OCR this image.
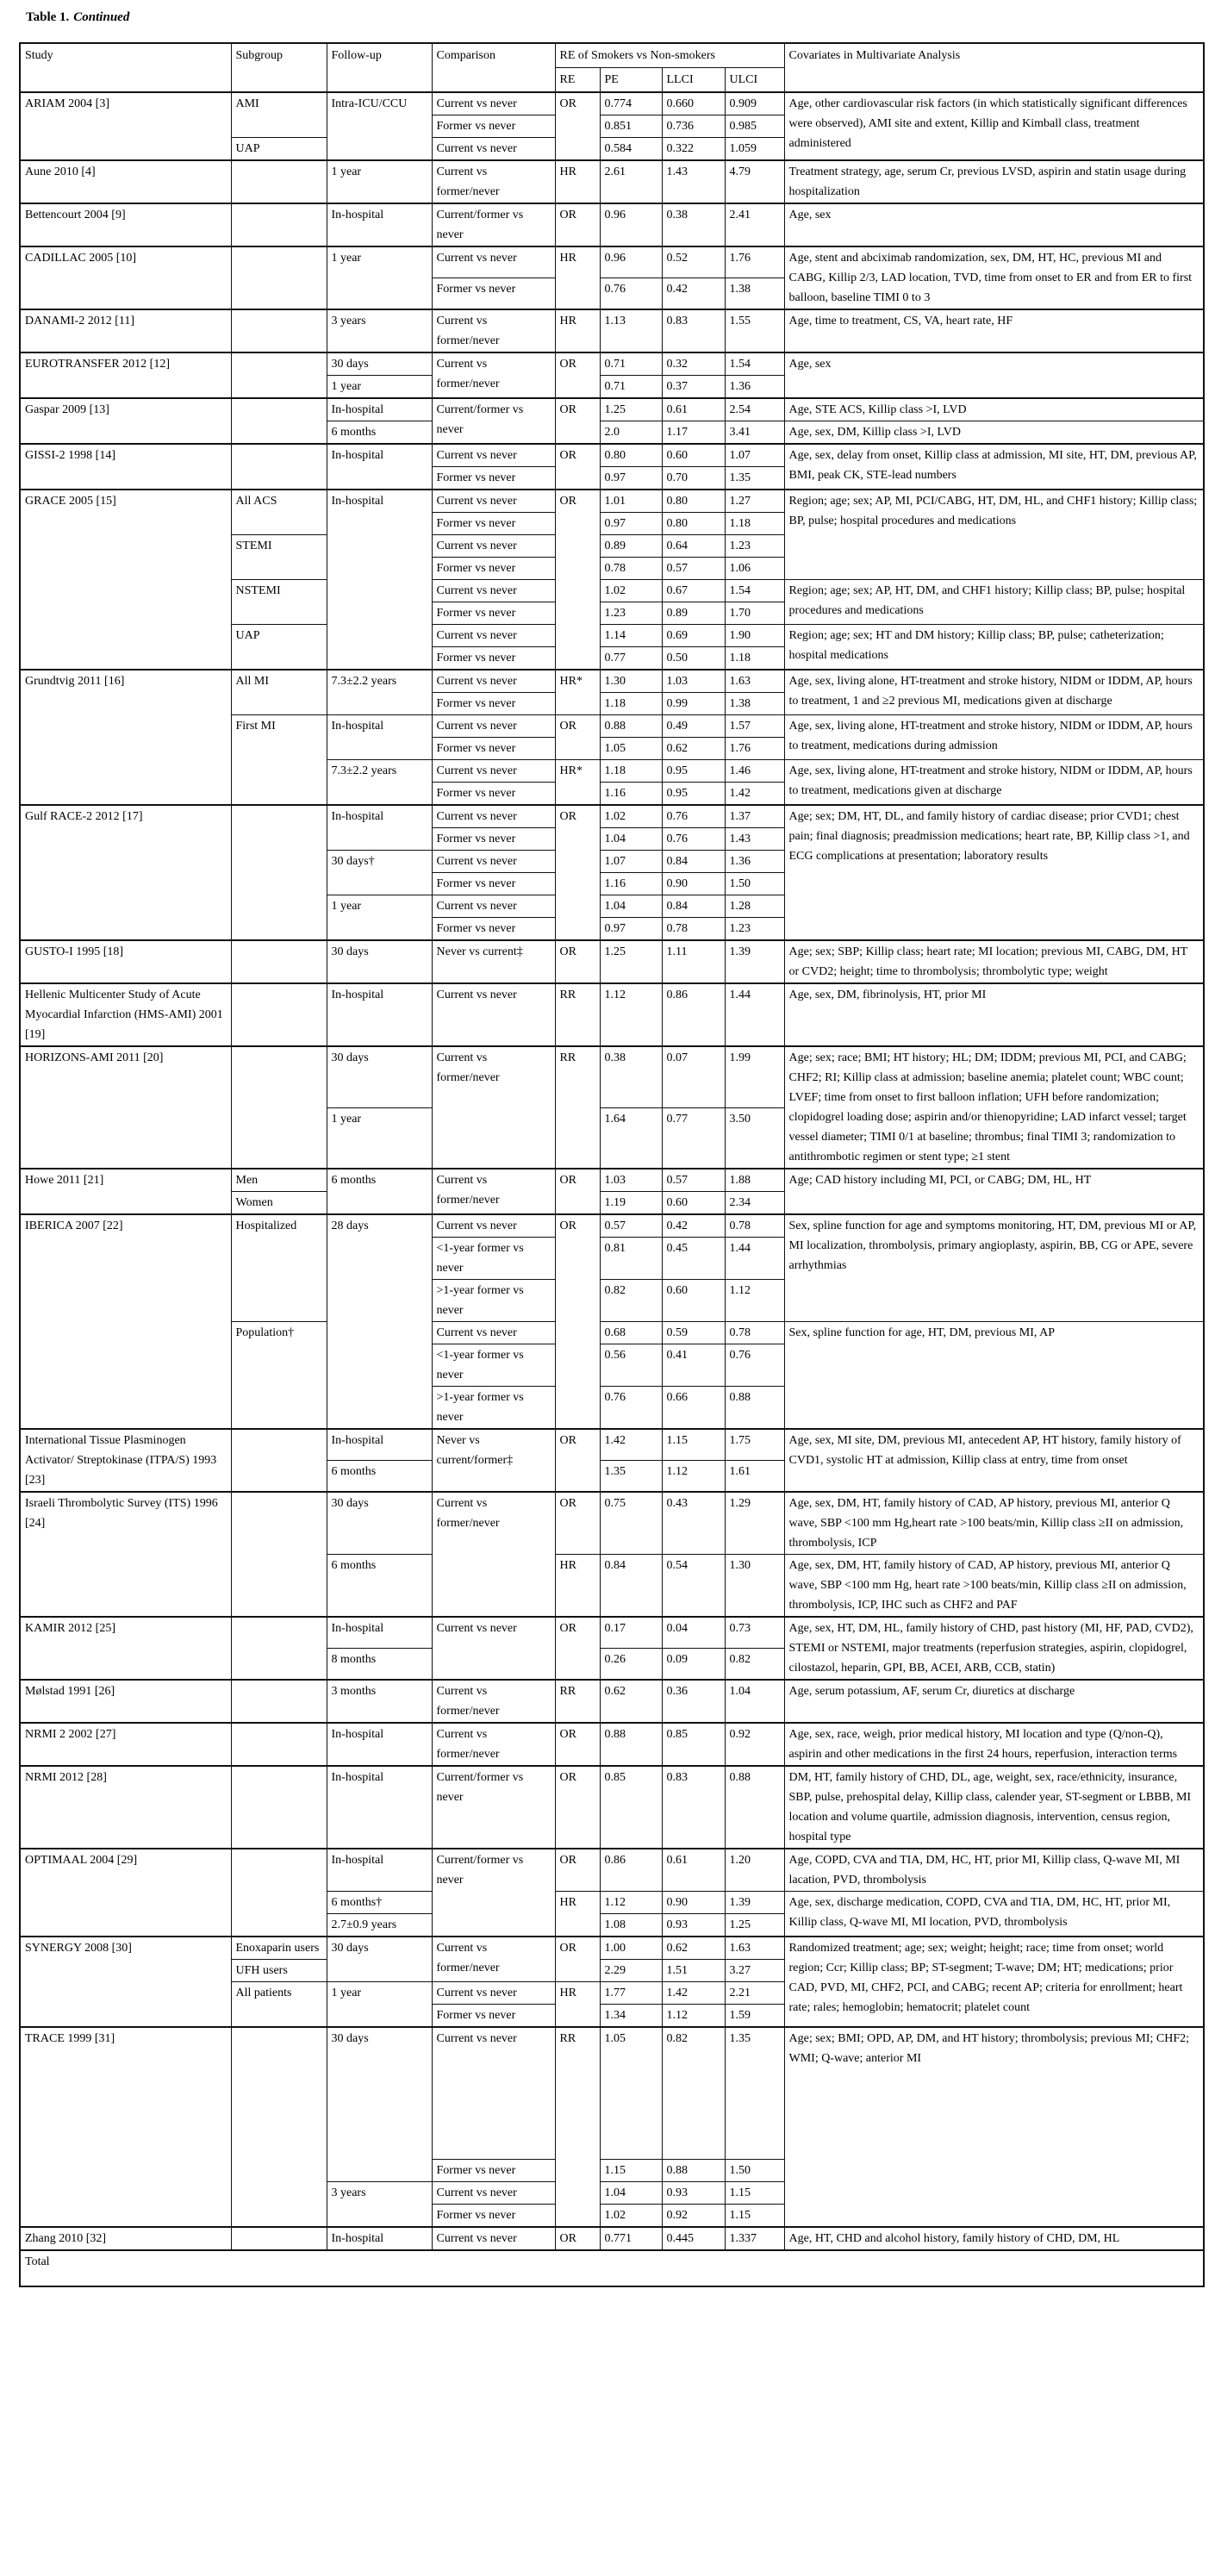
Table 1. Continued
Study	Subgroup	Follow-up	Comparison	RE of Smokers vs Non-smokers				Covariates in Multivariate Analysis
				RE	PE	LLCI	ULCI	
ARIAM 2004 [3]	AMI	Intra-ICU/CCU	Current vs never	OR	0.774	0.660	0.909	Age, other cardiovascular risk factors (in which statistically significant differences were observed), AMI site and extent, Killip and Kimball class, treatment administered
			Former vs never		0.851	0.736	0.985	
	UAP		Current vs never		0.584	0.322	1.059	
Aune 2010 [4]		1 year	Current vs former/never	HR	2.61	1.43	4.79	Treatment strategy, age, serum Cr, previous LVSD, aspirin and statin usage during hospitalization
Bettencourt 2004 [9]		In-hospital	Current/former vs never	OR	0.96	0.38	2.41	Age, sex
CADILLAC 2005 [10]		1 year	Current vs never	HR	0.96	0.52	1.76	Age, stent and abciximab randomization, sex, DM, HT, HC, previous MI and CABG, Killip 2/3, LAD location, TVD, time from onset to ER and from ER to first balloon, baseline TIMI 0 to 3
			Former vs never		0.76	0.42	1.38	
DANAMI-2 2012 [11]		3 years	Current vs former/never	HR	1.13	0.83	1.55	Age, time to treatment, CS, VA, heart rate, HF
EUROTRANSFER 2012 [12]		30 days	Current vs former/never	OR	0.71	0.32	1.54	Age, sex
		1 year			0.71	0.37	1.36	
Gaspar 2009 [13]		In-hospital	Current/former vs never	OR	1.25	0.61	2.54	Age, STE ACS, Killip class >I, LVD
		6 months			2.0	1.17	3.41	Age, sex, DM, Killip class >I, LVD
GISSI-2 1998 [14]		In-hospital	Current vs never	OR	0.80	0.60	1.07	Age, sex, delay from onset, Killip class at admission, MI site, HT, DM, previous AP, BMI, peak CK, STE-lead numbers
			Former vs never		0.97	0.70	1.35	
GRACE 2005 [15]	All ACS	In-hospital	Current vs never	OR	1.01	0.80	1.27	Region; age; sex; AP, MI, PCI/CABG, HT, DM, HL, and CHF1 history; Killip class; BP, pulse; hospital procedures and medications
			Former vs never		0.97	0.80	1.18	
	STEMI		Current vs never		0.89	0.64	1.23	
			Former vs never		0.78	0.57	1.06	
	NSTEMI		Current vs never		1.02	0.67	1.54	Region; age; sex; AP, HT, DM, and CHF1 history; Killip class; BP, pulse; hospital procedures and medications
			Former vs never		1.23	0.89	1.70	
	UAP		Current vs never		1.14	0.69	1.90	Region; age; sex; HT and DM history; Killip class; BP, pulse; catheterization; hospital medications
			Former vs never		0.77	0.50	1.18	
Grundtvig 2011 [16]	All MI	7.3±2.2 years	Current vs never	HR*	1.30	1.03	1.63	Age, sex, living alone, HT-treatment and stroke history, NIDM or IDDM, AP, hours to treatment, 1 and ≥2 previous MI, medications given at discharge
			Former vs never		1.18	0.99	1.38	
	First MI	In-hospital	Current vs never	OR	0.88	0.49	1.57	Age, sex, living alone, HT-treatment and stroke history, NIDM or IDDM, AP, hours to treatment, medications during admission
			Former vs never		1.05	0.62	1.76	
		7.3±2.2 years	Current vs never	HR*	1.18	0.95	1.46	Age, sex, living alone, HT-treatment and stroke history, NIDM or IDDM, AP, hours to treatment, medications given at discharge
			Former vs never		1.16	0.95	1.42	
Gulf RACE-2 2012 [17]		In-hospital	Current vs never	OR	1.02	0.76	1.37	Age; sex; DM, HT, DL, and family history of cardiac disease; prior CVD1; chest pain; final diagnosis; preadmission medications; heart rate, BP, Killip class >1, and ECG complications at presentation; laboratory results
			Former vs never		1.04	0.76	1.43	
		30 days†	Current vs never		1.07	0.84	1.36	
			Former vs never		1.16	0.90	1.50	
		1 year	Current vs never		1.04	0.84	1.28	
			Former vs never		0.97	0.78	1.23	
GUSTO-I 1995 [18]		30 days	Never vs current‡	OR	1.25	1.11	1.39	Age; sex; SBP; Killip class; heart rate; MI location; previous MI, CABG, DM, HT or CVD2; height; time to thrombolysis; thrombolytic type; weight
Hellenic Multicenter Study of Acute Myocardial Infarction (HMS-AMI) 2001 [19]		In-hospital	Current vs never	RR	1.12	0.86	1.44	Age, sex, DM, fibrinolysis, HT, prior MI
HORIZONS-AMI 2011 [20]		30 days	Current vs former/never	RR	0.38	0.07	1.99	Age; sex; race; BMI; HT history; HL; DM; IDDM; previous MI, PCI, and CABG; CHF2; RI; Killip class at admission; baseline anemia; platelet count; WBC count; LVEF; time from onset to first balloon inflation; UFH before randomization; clopidogrel loading dose; aspirin and/or thienopyridine; LAD infarct vessel; target vessel diameter; TIMI 0/1 at baseline; thrombus; final TIMI 3; randomization to antithrombotic regimen or stent type; ≥1 stent
		1 year			1.64	0.77	3.50	
Howe 2011 [21]	Men	6 months	Current vs former/never	OR	1.03	0.57	1.88	Age; CAD history including MI, PCI, or CABG; DM, HL, HT
	Women				1.19	0.60	2.34	
IBERICA 2007 [22]	Hospitalized	28 days	Current vs never	OR	0.57	0.42	0.78	Sex, spline function for age and symptoms monitoring, HT, DM, previous MI or AP, MI localization, thrombolysis, primary angioplasty, aspirin, BB, CG or APE, severe arrhythmias
			<1-year former vs never		0.81	0.45	1.44	
			>1-year former vs never		0.82	0.60	1.12	
	Population†		Current vs never		0.68	0.59	0.78	Sex, spline function for age, HT, DM, previous MI, AP
			<1-year former vs never		0.56	0.41	0.76	
			>1-year former vs never		0.76	0.66	0.88	
International Tissue Plasminogen Activator/ Streptokinase (ITPA/S) 1993 [23]		In-hospital	Never vs current/former‡	OR	1.42	1.15	1.75	Age, sex, MI site, DM, previous MI, antecedent AP, HT history, family history of CVD1, systolic HT at admission, Killip class at entry, time from onset
		6 months			1.35	1.12	1.61	
Israeli Thrombolytic Survey (ITS) 1996 [24]		30 days	Current vs former/never	OR	0.75	0.43	1.29	Age, sex, DM, HT, family history of CAD, AP history, previous MI, anterior Q wave, SBP <100 mm Hg,heart rate >100 beats/min, Killip class ≥II on admission, thrombolysis, ICP
		6 months		HR	0.84	0.54	1.30	Age, sex, DM, HT, family history of CAD, AP history, previous MI, anterior Q wave, SBP <100 mm Hg, heart rate >100 beats/min, Killip class ≥II on admission, thrombolysis, ICP, IHC such as CHF2 and PAF
KAMIR 2012 [25]		In-hospital	Current vs never	OR	0.17	0.04	0.73	Age, sex, HT, DM, HL, family history of CHD, past history (MI, HF, PAD, CVD2), STEMI or NSTEMI, major treatments (reperfusion strategies, aspirin, clopidogrel, cilostazol, heparin, GPI, BB, ACEI, ARB, CCB, statin)
		8 months			0.26	0.09	0.82	
Mølstad 1991 [26]		3 months	Current vs former/never	RR	0.62	0.36	1.04	Age, serum potassium, AF, serum Cr, diuretics at discharge
NRMI 2 2002 [27]		In-hospital	Current vs former/never	OR	0.88	0.85	0.92	Age, sex, race, weigh, prior medical history, MI location and type (Q/non-Q), aspirin and other medications in the first 24 hours, reperfusion, interaction terms
NRMI 2012 [28]		In-hospital	Current/former vs never	OR	0.85	0.83	0.88	DM, HT, family history of CHD, DL, age, weight, sex, race/ethnicity, insurance, SBP, pulse, prehospital delay, Killip class, calender year, ST-segment or LBBB, MI location and volume quartile, admission diagnosis, intervention, census region, hospital type
OPTIMAAL 2004 [29]		In-hospital	Current/former vs never	OR	0.86	0.61	1.20	Age, COPD, CVA and TIA, DM, HC, HT, prior MI, Killip class, Q-wave MI, MI lacation, PVD, thrombolysis
		6 months†		HR	1.12	0.90	1.39	Age, sex, discharge medication, COPD, CVA and TIA, DM, HC, HT, prior MI, Killip class, Q-wave MI, MI location, PVD, thrombolysis
		2.7±0.9 years			1.08	0.93	1.25	
SYNERGY 2008 [30]	Enoxaparin users	30 days	Current vs former/never	OR	1.00	0.62	1.63	Randomized treatment; age; sex; weight; height; race; time from onset; world region; Ccr; Killip class; BP; ST-segment; T-wave; DM; HT; medications; prior CAD, PVD, MI, CHF2, PCI, and CABG; recent AP; criteria for enrollment; heart rate; rales; hemoglobin; hematocrit; platelet count
	UFH users				2.29	1.51	3.27	
	All patients	1 year	Current vs never	HR	1.77	1.42	2.21	
			Former vs never		1.34	1.12	1.59	
TRACE 1999 [31]		30 days	Current vs never	RR	1.05	0.82	1.35	Age; sex; BMI; OPD, AP, DM, and HT history; thrombolysis; previous MI; CHF2; WMI; Q-wave; anterior MI
			Former vs never		1.15	0.88	1.50	
		3 years	Current vs never		1.04	0.93	1.15	
			Former vs never		1.02	0.92	1.15	
Zhang 2010 [32]		In-hospital	Current vs never	OR	0.771	0.445	1.337	Age, HT, CHD and alcohol history, family history of CHD, DM, HL
Total								
